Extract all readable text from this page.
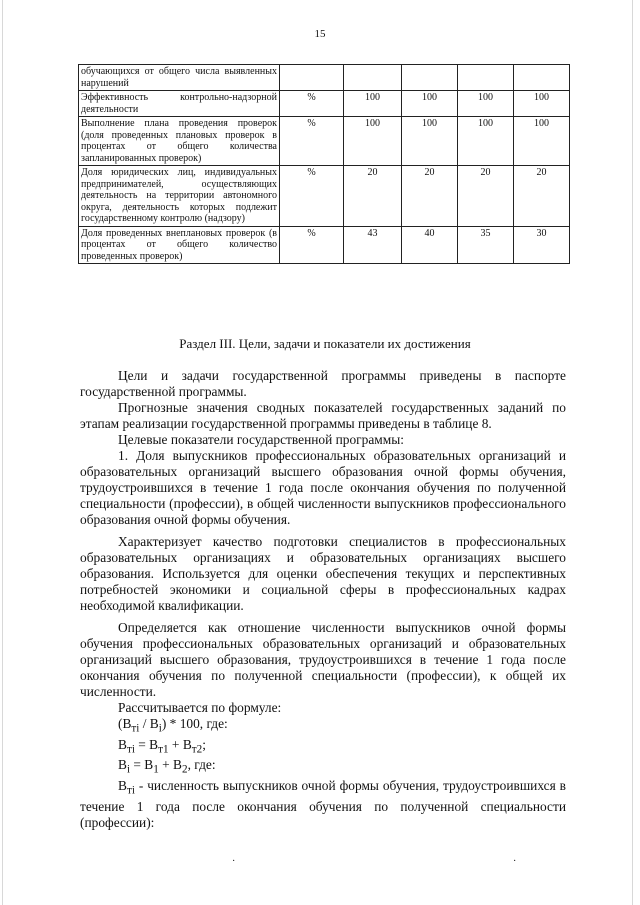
15
обучающихся от общего числа выявленных нарушений					
Эффективность контрольно-надзорной деятельности	%	100	100	100	100
Выполнение плана проведения проверок (доля проведенных плановых проверок в процентах от общего количества запланированных проверок)	%	100	100	100	100
Доля юридических лиц, индивидуальных предпринимателей, осуществляющих деятельность на территории автономного округа, деятельность которых подлежит государственному контролю (надзору)	%	20	20	20	20
Доля проведенных внеплановых проверок (в процентах от общего количество проведенных проверок)	%	43	40	35	30
Раздел III. Цели, задачи и показатели их достижения

Цели и задачи государственной программы приведены в паспорте государственной программы.

Прогнозные значения сводных показателей государственных заданий по этапам реализации государственной программы приведены в таблице 8.

Целевые показатели государственной программы:

1. Доля выпускников профессиональных образовательных организаций и образовательных организаций высшего образования очной формы обучения, трудоустроившихся в течение 1 года после окончания обучения по полученной специальности (профессии), в общей численности выпускников профессионального образования очной формы обучения.

Характеризует качество подготовки специалистов в профессиональных образовательных организациях и образовательных организациях высшего образования. Используется для оценки обеспечения текущих и перспективных потребностей экономики и социальной сферы в профессиональных кадрах необходимой квалификации.

Определяется как отношение численности выпускников очной формы обучения профессиональных образовательных организаций и образовательных организаций высшего образования, трудоустроившихся в течение 1 года после окончания обучения по полученной специальности (профессии), к общей их численности.

Рассчитывается по формуле:

$(В_{тi} / В_i) * 100$, где:

$В_{тi} = В_{т1} + В_{т2}$;

$В_i = В_1 + В_2$, где:

$В_{тi}$ - численность выпускников очной формы обучения, трудоустроившихся в течение 1 года после окончания обучения по полученной специальности (профессии):

·	·
